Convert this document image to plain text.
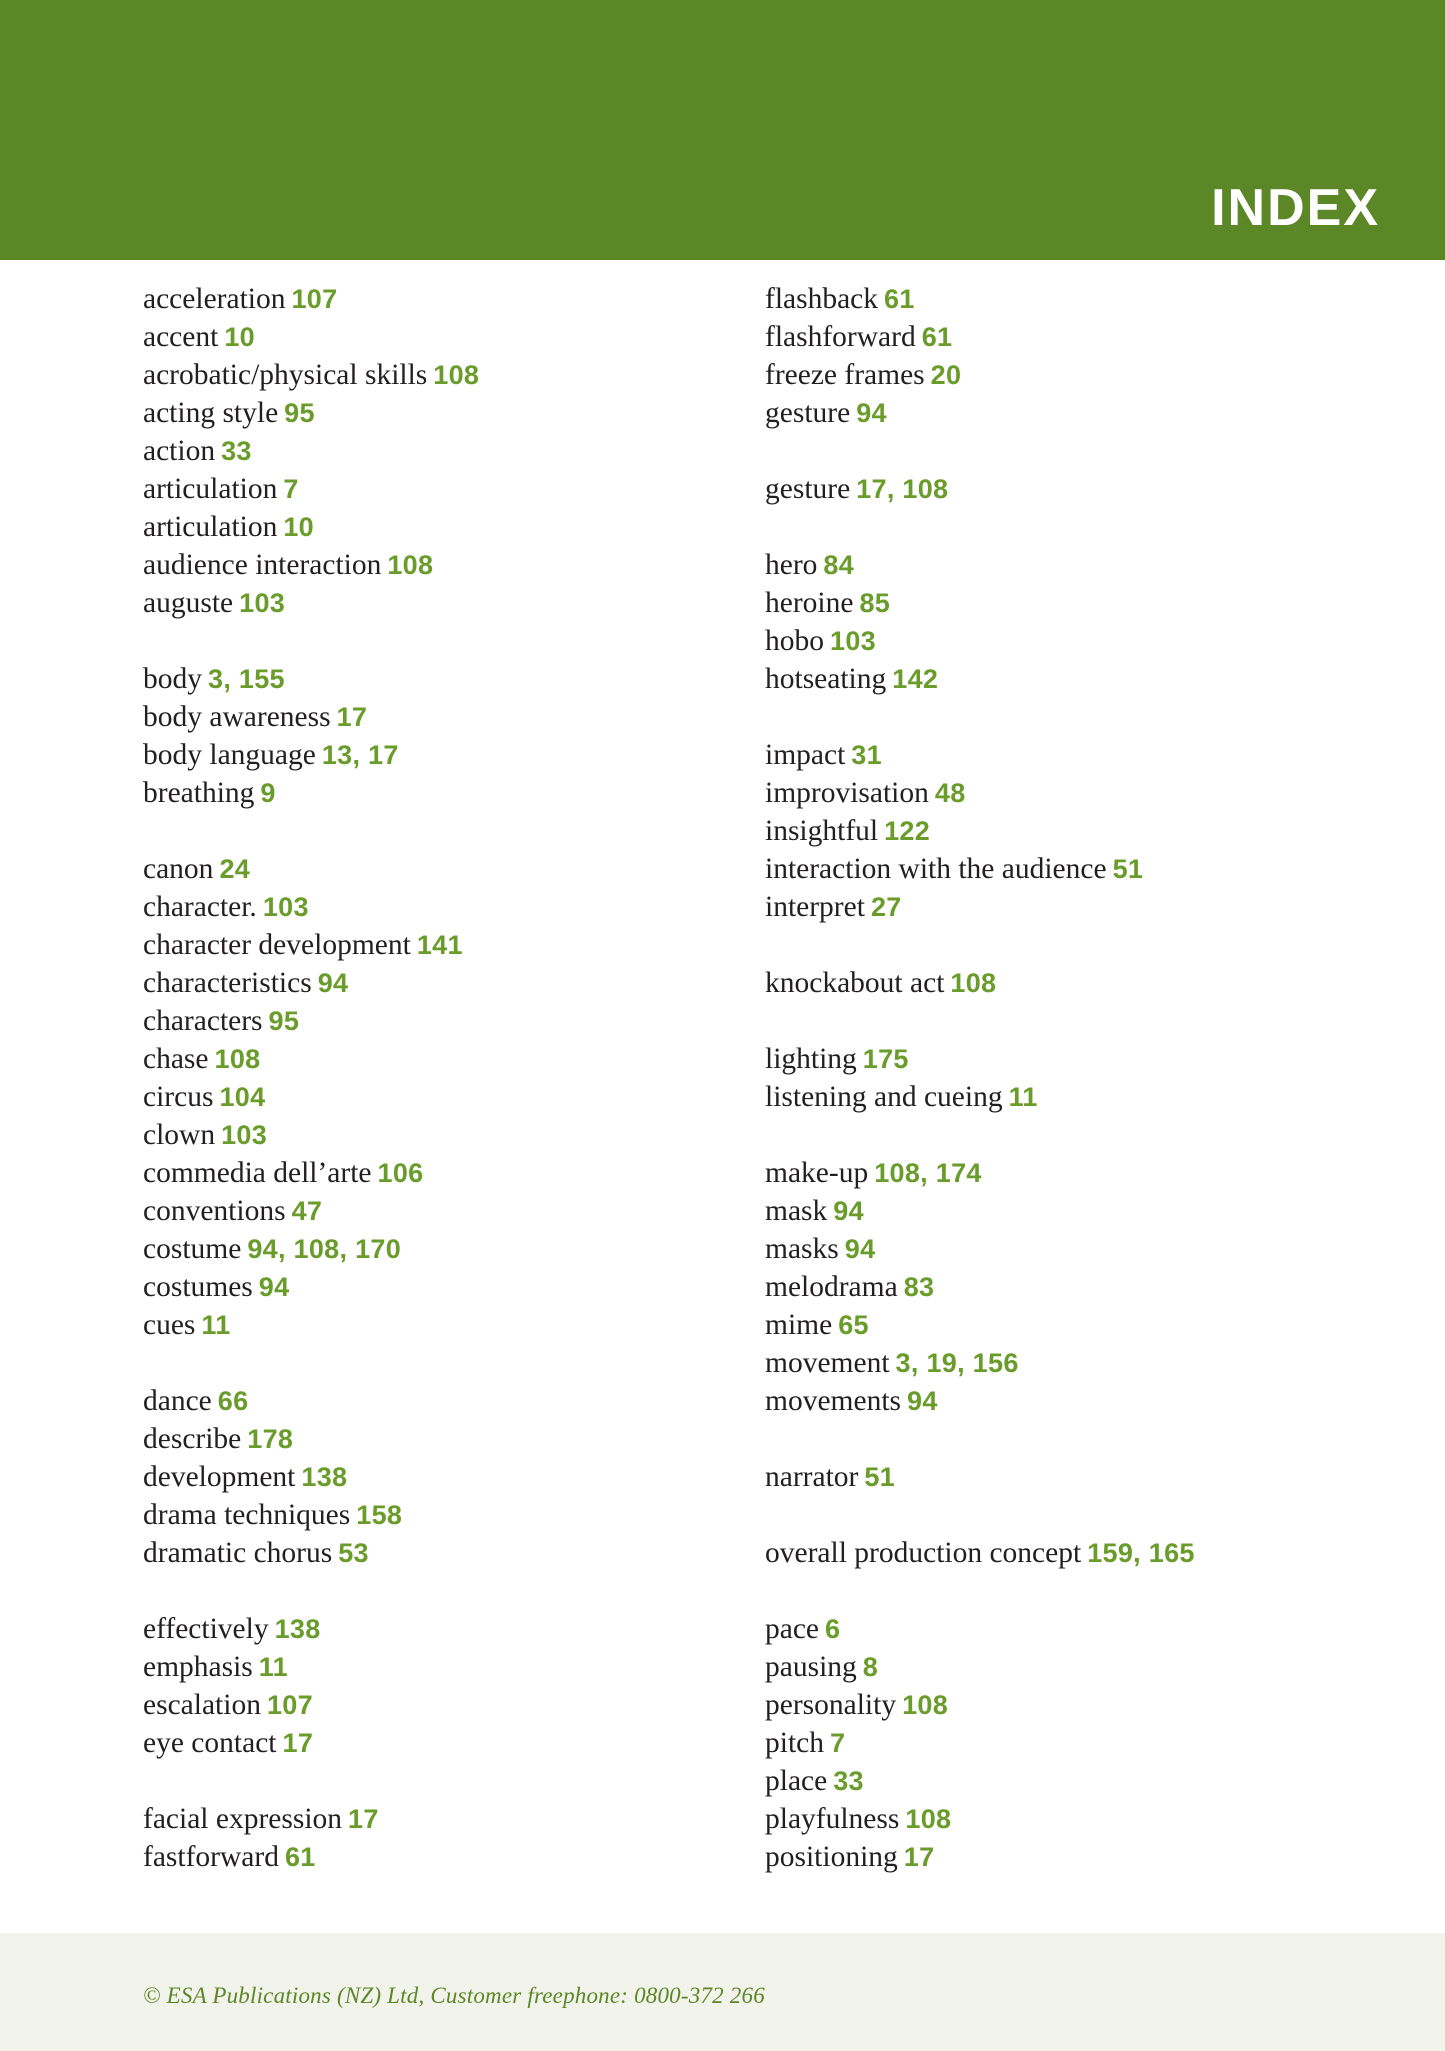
INDEX
acceleration 107
accent 10
acrobatic/physical skills 108
acting style 95
action 33
articulation 7
articulation 10
audience interaction 108
auguste 103
body 3, 155
body awareness 17
body language 13, 17
breathing 9
canon 24
character. 103
character development 141
characteristics 94
characters 95
chase 108
circus 104
clown 103
commedia dell’arte 106
conventions 47
costume 94, 108, 170
costumes 94
cues 11
dance 66
describe 178
development 138
drama techniques 158
dramatic chorus 53
effectively 138
emphasis 11
escalation 107
eye contact 17
facial expression 17
fastforward 61
flashback 61
flashforward 61
freeze frames 20
gesture 94
gesture 17, 108
hero 84
heroine 85
hobo 103
hotseating 142
impact 31
improvisation 48
insightful 122
interaction with the audience 51
interpret 27
knockabout act 108
lighting 175
listening and cueing 11
make-up 108, 174
mask 94
masks 94
melodrama 83
mime 65
movement 3, 19, 156
movements 94
narrator 51
overall production concept 159, 165
pace 6
pausing 8
personality 108
pitch 7
place 33
playfulness 108
positioning 17
© ESA Publications (NZ) Ltd, Customer freephone: 0800-372 266
